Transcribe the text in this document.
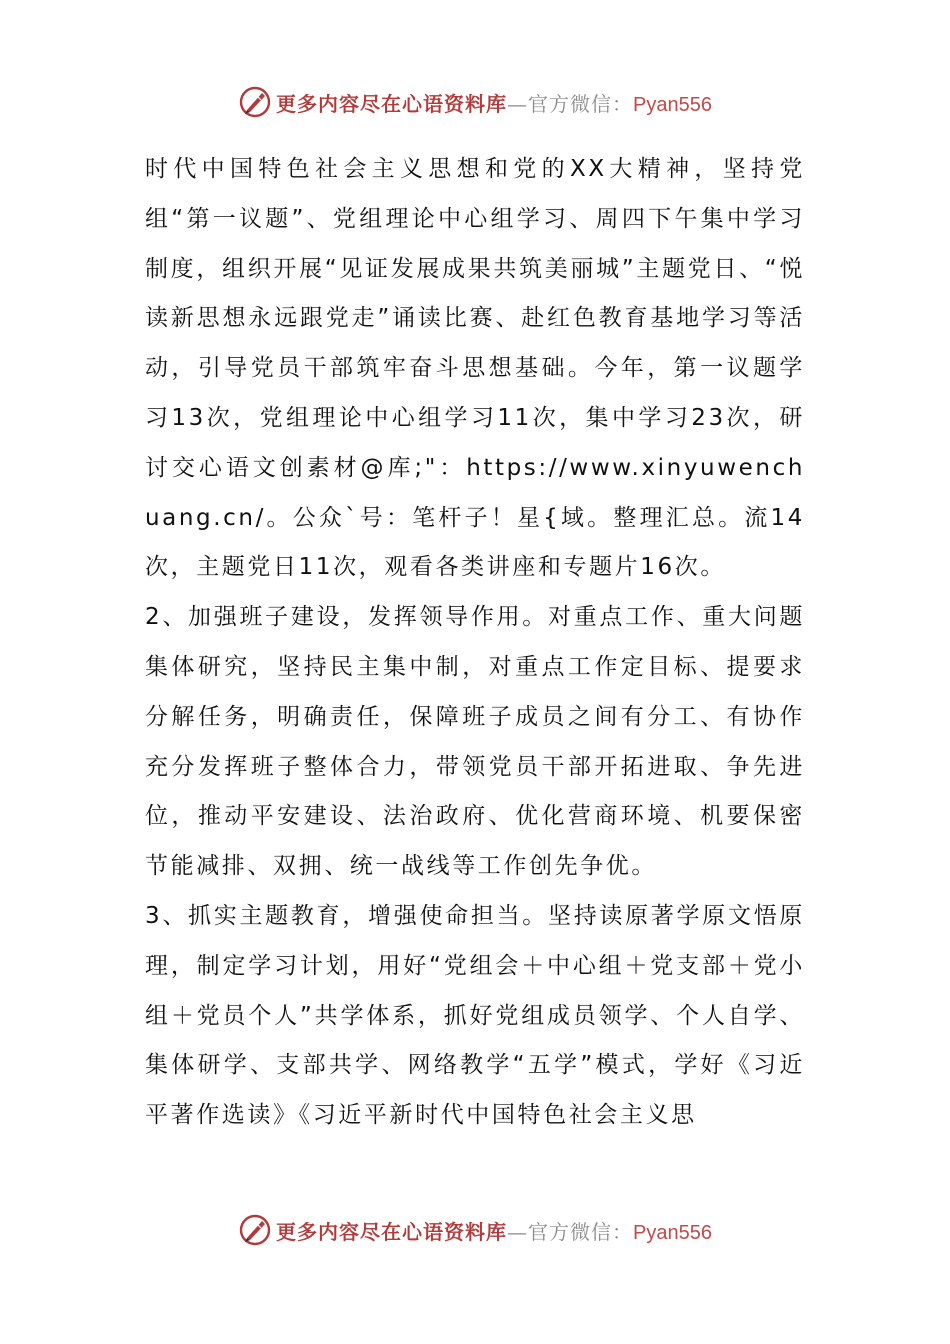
更多内容尽在心语资料库—官方微信：Pyan556

时代中国特色社会主义思想和党的XX大精神，坚持党组“第一议题”、党组理论中心组学习、周四下午集中学习制度，组织开展“见证发展成果共筑美丽城”主题党日、“悦读新思想永远跟党走”诵读比赛、赴红色教育基地学习等活动，引导党员干部筑牢奋斗思想基础。今年，第一议题学习13次，党组理论中心组学习11次，集中学习23次，研讨交心语文创素材@库;"：https://www.xinyuwenchuang.cn/。公众`号：笔杆子！星{域。整理汇总。流14次，主题党日11次，观看各类讲座和专题片16次。

2、加强班子建设，发挥领导作用。对重点工作、重大问题集体研究，坚持民主集中制，对重点工作定目标、提要求分解任务，明确责任，保障班子成员之间有分工、有协作充分发挥班子整体合力，带领党员干部开拓进取、争先进位，推动平安建设、法治政府、优化营商环境、机要保密节能减排、双拥、统一战线等工作创先争优。

3、抓实主题教育，增强使命担当。坚持读原著学原文悟原理，制定学习计划，用好“党组会＋中心组＋党支部＋党小组＋党员个人”共学体系，抓好党组成员领学、个人自学、集体研学、支部共学、网络教学“五学”模式，学好《习近平著作选读》《习近平新时代中国特色社会主义思

更多内容尽在心语资料库—官方微信：Pyan556
